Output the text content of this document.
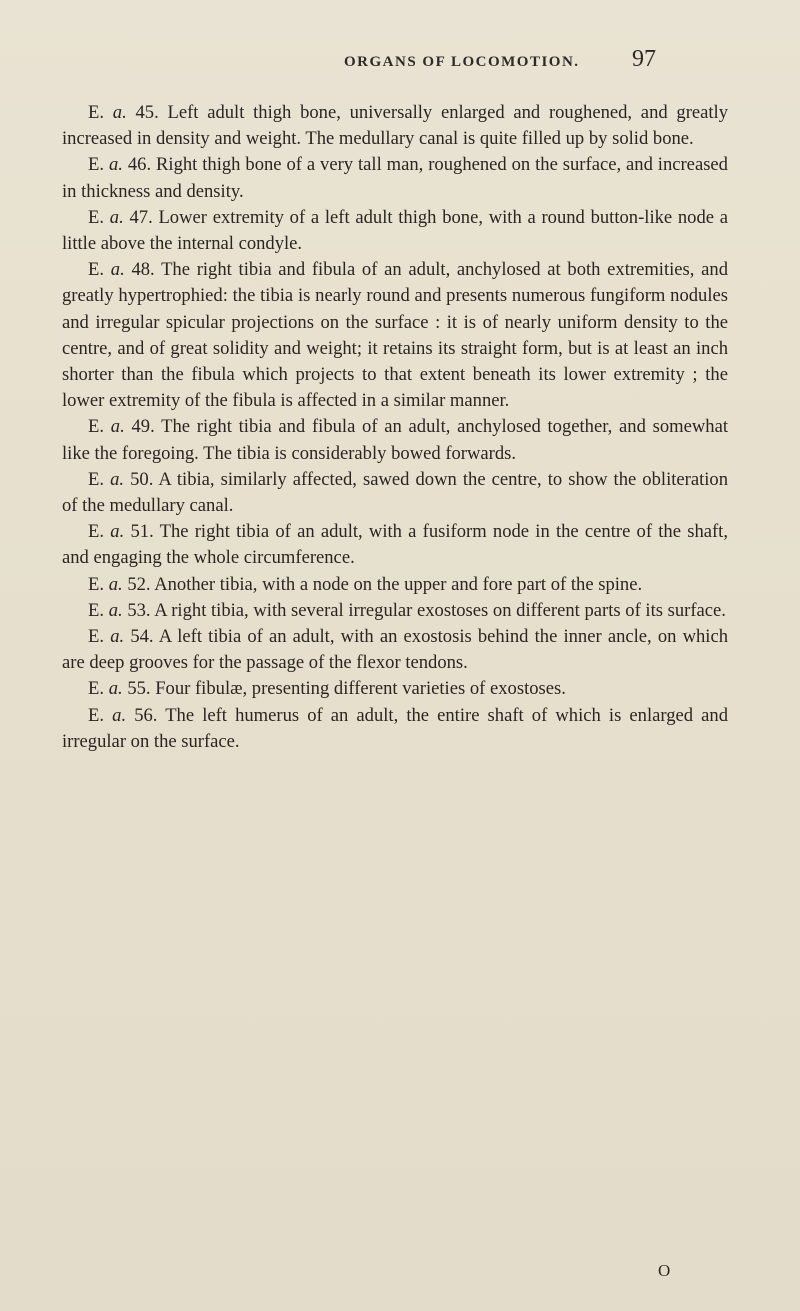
ORGANS OF LOCOMOTION. 97

E. a. 45. Left adult thigh bone, universally enlarged and roughened, and greatly increased in density and weight. The medullary canal is quite filled up by solid bone.

E. a. 46. Right thigh bone of a very tall man, roughened on the surface, and increased in thickness and density.

E. a. 47. Lower extremity of a left adult thigh bone, with a round button-like node a little above the internal condyle.

E. a. 48. The right tibia and fibula of an adult, anchylosed at both extremities, and greatly hypertrophied: the tibia is nearly round and presents numerous fungiform nodules and irregular spicular projections on the surface : it is of nearly uniform density to the centre, and of great solidity and weight; it retains its straight form, but is at least an inch shorter than the fibula which projects to that extent beneath its lower extremity ; the lower extremity of the fibula is affected in a similar manner.

E. a. 49. The right tibia and fibula of an adult, anchylosed together, and somewhat like the foregoing. The tibia is considerably bowed forwards.

E. a. 50. A tibia, similarly affected, sawed down the centre, to show the obliteration of the medullary canal.

E. a. 51. The right tibia of an adult, with a fusiform node in the centre of the shaft, and engaging the whole circumference.

E. a. 52. Another tibia, with a node on the upper and fore part of the spine.

E. a. 53. A right tibia, with several irregular exostoses on different parts of its surface.

E. a. 54. A left tibia of an adult, with an exostosis behind the inner ancle, on which are deep grooves for the passage of the flexor tendons.

E. a. 55. Four fibulæ, presenting different varieties of exostoses.

E. a. 56. The left humerus of an adult, the entire shaft of which is enlarged and irregular on the surface.

O
